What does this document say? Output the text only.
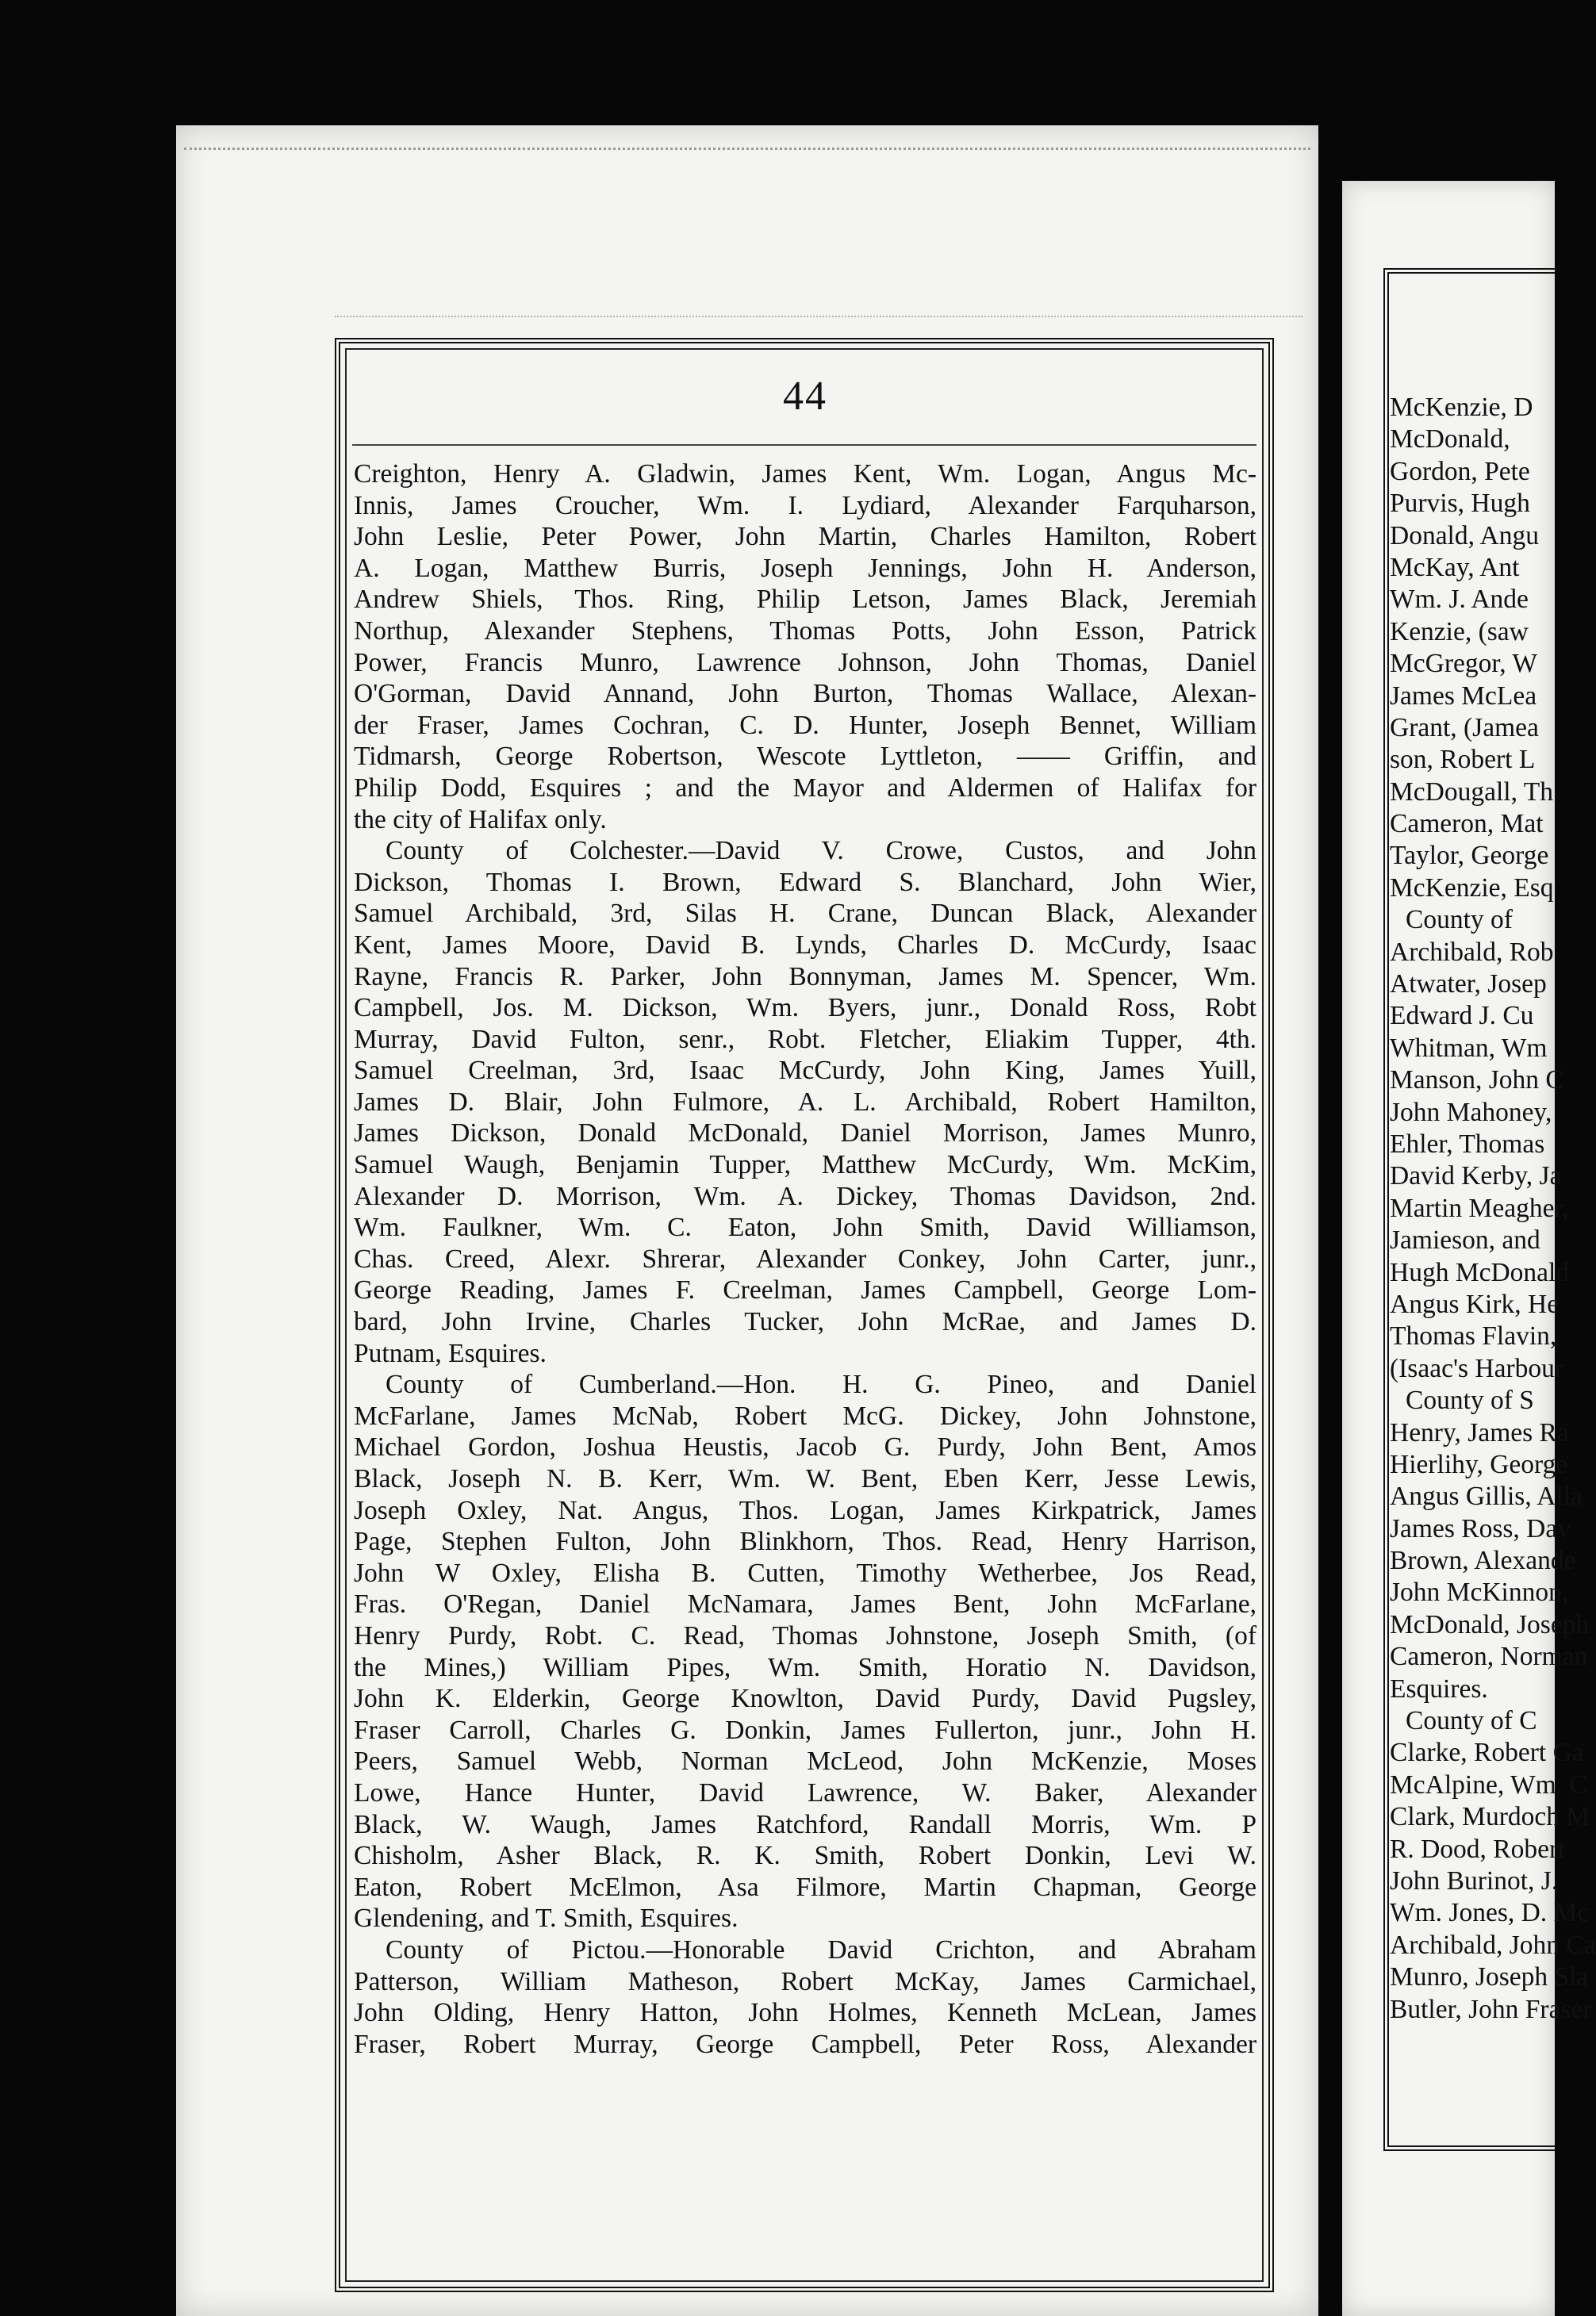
44
Creighton, Henry A. Gladwin, James Kent, Wm. Logan, Angus Mc-
Innis, James Croucher, Wm. I. Lydiard, Alexander Farquharson,
John Leslie, Peter Power, John Martin, Charles Hamilton, Robert
A. Logan, Matthew Burris, Joseph Jennings, John H. Anderson,
Andrew Shiels, Thos. Ring, Philip Letson, James Black, Jeremiah
Northup, Alexander Stephens, Thomas Potts, John Esson, Patrick
Power, Francis Munro, Lawrence Johnson, John Thomas, Daniel
O'Gorman, David Annand, John Burton, Thomas Wallace, Alexan-
der Fraser, James Cochran, C. D. Hunter, Joseph Bennet, William
Tidmarsh, George Robertson, Wescote Lyttleton, —— Griffin, and
Philip Dodd, Esquires ; and the Mayor and Aldermen of Halifax for
the city of Halifax only.
County of Colchester.—David V. Crowe, Custos, and John
Dickson, Thomas I. Brown, Edward S. Blanchard, John Wier,
Samuel Archibald, 3rd, Silas H. Crane, Duncan Black, Alexander
Kent, James Moore, David B. Lynds, Charles D. McCurdy, Isaac
Rayne, Francis R. Parker, John Bonnyman, James M. Spencer, Wm.
Campbell, Jos. M. Dickson, Wm. Byers, junr., Donald Ross, Robt
Murray, David Fulton, senr., Robt. Fletcher, Eliakim Tupper, 4th.
Samuel Creelman, 3rd, Isaac McCurdy, John King, James Yuill,
James D. Blair, John Fulmore, A. L. Archibald, Robert Hamilton,
James Dickson, Donald McDonald, Daniel Morrison, James Munro,
Samuel Waugh, Benjamin Tupper, Matthew McCurdy, Wm. McKim,
Alexander D. Morrison, Wm. A. Dickey, Thomas Davidson, 2nd.
Wm. Faulkner, Wm. C. Eaton, John Smith, David Williamson,
Chas. Creed, Alexr. Shrerar, Alexander Conkey, John Carter, junr.,
George Reading, James F. Creelman, James Campbell, George Lom-
bard, John Irvine, Charles Tucker, John McRae, and James D.
Putnam, Esquires.
County of Cumberland.—Hon. H. G. Pineo, and Daniel
McFarlane, James McNab, Robert McG. Dickey, John Johnstone,
Michael Gordon, Joshua Heustis, Jacob G. Purdy, John Bent, Amos
Black, Joseph N. B. Kerr, Wm. W. Bent, Eben Kerr, Jesse Lewis,
Joseph Oxley, Nat. Angus, Thos. Logan, James Kirkpatrick, James
Page, Stephen Fulton, John Blinkhorn, Thos. Read, Henry Harrison,
John W Oxley, Elisha B. Cutten, Timothy Wetherbee, Jos Read,
Fras. O'Regan, Daniel McNamara, James Bent, John McFarlane,
Henry Purdy, Robt. C. Read, Thomas Johnstone, Joseph Smith, (of
the Mines,) William Pipes, Wm. Smith, Horatio N. Davidson,
John K. Elderkin, George Knowlton, David Purdy, David Pugsley,
Fraser Carroll, Charles G. Donkin, James Fullerton, junr., John H.
Peers, Samuel Webb, Norman McLeod, John McKenzie, Moses
Lowe, Hance Hunter, David Lawrence, W. Baker, Alexander
Black, W. Waugh, James Ratchford, Randall Morris, Wm. P
Chisholm, Asher Black, R. K. Smith, Robert Donkin, Levi W.
Eaton, Robert McElmon, Asa Filmore, Martin Chapman, George
Glendening, and T. Smith, Esquires.
County of Pictou.—Honorable David Crichton, and Abraham
Patterson, William Matheson, Robert McKay, James Carmichael,
John Olding, Henry Hatton, John Holmes, Kenneth McLean, James
Fraser, Robert Murray, George Campbell, Peter Ross, Alexander
McKenzie, D
McDonald,
Gordon, Pete
Purvis, Hugh
Donald, Angu
McKay, Ant
Wm. J. Ande
Kenzie, (saw
McGregor, W
James McLea
Grant, (Jamea
son, Robert L
McDougall, Th
Cameron, Mat
Taylor, George
McKenzie, Esq
County of
Archibald, Rob
Atwater, Josep
Edward J. Cu
Whitman, Wm
Manson, John C
John Mahoney,
Ehler, Thomas
David Kerby, Ja
Martin Meagher,
Jamieson, and
Hugh McDonald
Angus Kirk, He
Thomas Flavin,
(Isaac's Harbour
County of S
Henry, James Ra
Hierlihy, George
Angus Gillis, Alla
James Ross, Dav
Brown, Alexande
John McKinnon,
McDonald, Joseph
Cameron, Norman
Esquires.
County of C
Clarke, Robert Ga
McAlpine, Wm. C
Clark, Murdoch M
R. Dood, Robert
John Burinot, J.
Wm. Jones, D. Mc
Archibald, John Ca
Munro, Joseph Sla
Butler, John Fraser
